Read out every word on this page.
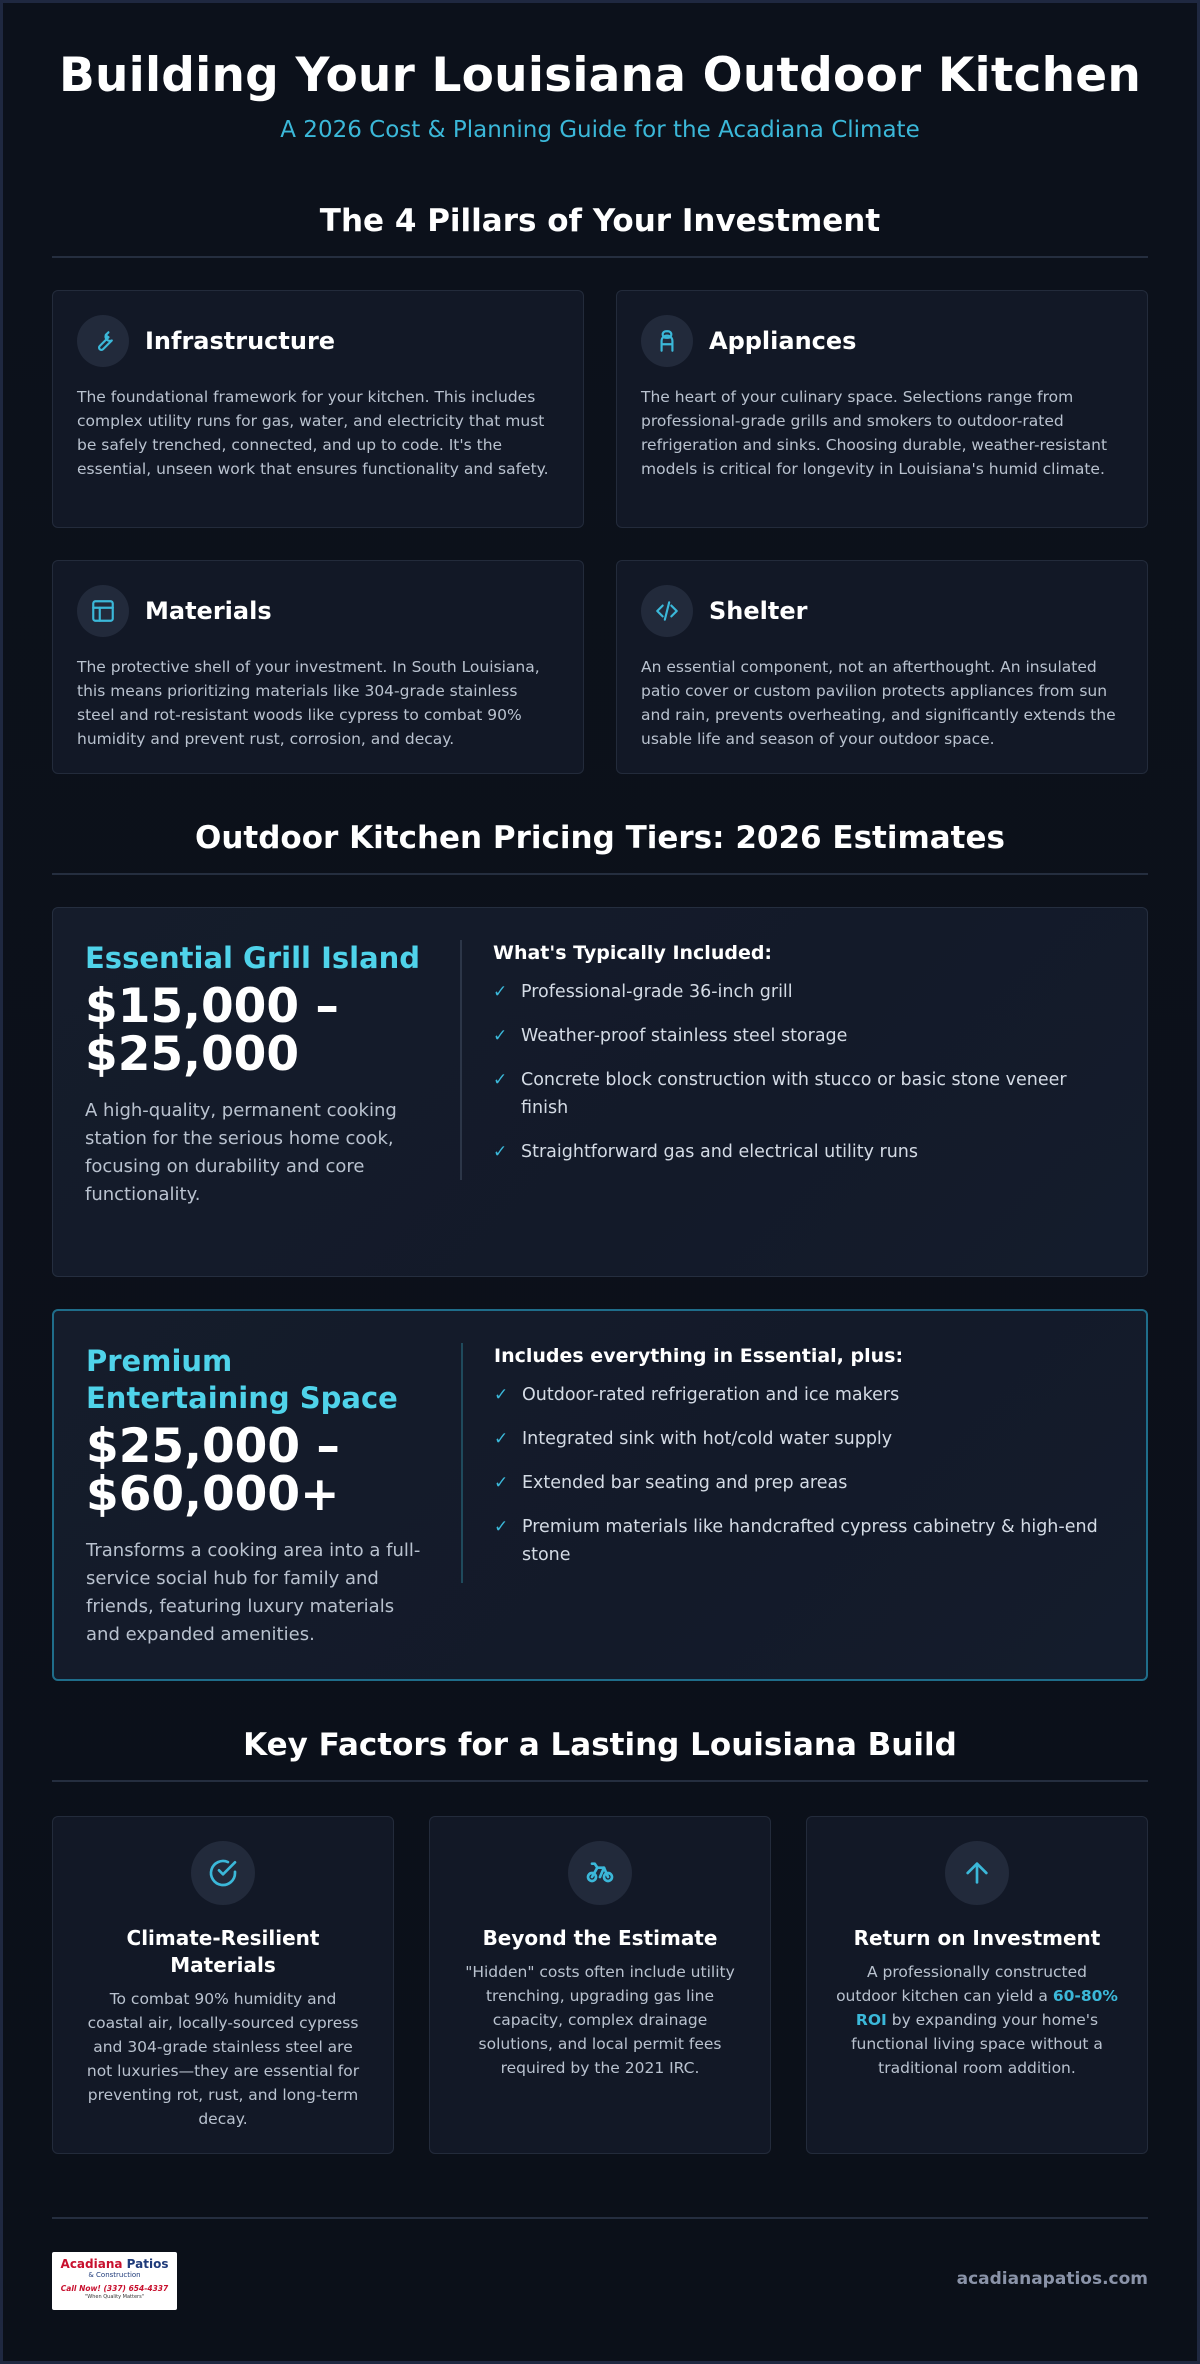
Building Your Louisiana Outdoor Kitchen
A 2026 Cost & Planning Guide for the Acadiana Climate
The 4 Pillars of Your Investment
Infrastructure

The foundational framework for your kitchen. This includes complex utility runs for gas, water, and electricity that must be safely trenched, connected, and up to code. It's the essential, unseen work that ensures functionality and safety.

Appliances

The heart of your culinary space. Selections range from professional-grade grills and smokers to outdoor-rated refrigeration and sinks. Choosing durable, weather-resistant models is critical for longevity in Louisiana's humid climate.

Materials

The protective shell of your investment. In South Louisiana, this means prioritizing materials like 304-grade stainless steel and rot-resistant woods like cypress to combat 90% humidity and prevent rust, corrosion, and decay.

Shelter

An essential component, not an afterthought. An insulated patio cover or custom pavilion protects appliances from sun and rain, prevents overheating, and significantly extends the usable life and season of your outdoor space.

Outdoor Kitchen Pricing Tiers: 2026 Estimates
Essential Grill Island
$15,000 – $25,000

A high-quality, permanent cooking station for the serious home cook, focusing on durability and core functionality.

What's Typically Included:
✓ Professional-grade 36-inch grill
✓ Weather-proof stainless steel storage
✓ Concrete block construction with stucco or basic stone veneer finish
✓ Straightforward gas and electrical utility runs
Premium Entertaining Space
$25,000 – $60,000+

Transforms a cooking area into a full-service social hub for family and friends, featuring luxury materials and expanded amenities.

Includes everything in Essential, plus:
✓ Outdoor-rated refrigeration and ice makers
✓ Integrated sink with hot/cold water supply
✓ Extended bar seating and prep areas
✓ Premium materials like handcrafted cypress cabinetry & high-end stone
Key Factors for a Lasting Louisiana Build
Climate-Resilient Materials

To combat 90% humidity and coastal air, locally-sourced cypress and 304-grade stainless steel are not luxuries—they are essential for preventing rot, rust, and long-term decay.

Beyond the Estimate

"Hidden" costs often include utility trenching, upgrading gas line capacity, complex drainage solutions, and local permit fees required by the 2021 IRC.

Return on Investment

A professionally constructed outdoor kitchen can yield a 60-80% ROI by expanding your home's functional living space without a traditional room addition.

Acadiana Patios
& Construction
Call Now! (337) 654-4337
"When Quality Matters"
acadianapatios.com
